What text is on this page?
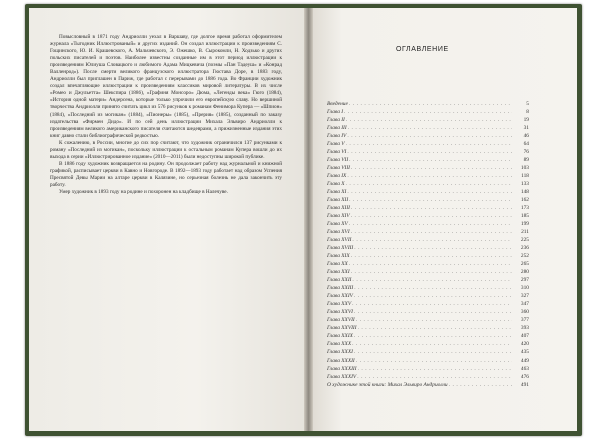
Повысловный в 1871 году Андриолли уехал в Варшаву, где долгое время работал оформителем журнала «Тыгодник Иллюстрованый» и других изданий. Он создал иллюстрации к произведениям С. Гощинского, Ю. И. Крашевского, А. Мальчевского, Э. Ожешко, В. Сырокомли, Н. Ходзько и других польских писателей и поэтов. Наиболее известны созданные им в этот период иллюстрации к произведениям Юлиуша Словацкого и любимого Адама Мицкевича (поэмы «Пан Тадеуш» и «Конрад Валленрод»). После смерти великого французского иллюстратора Гюстава Доре, в 1883 году, Андриолли был приглашен в Париж, где работал с перерывами до 1886 года. Во Франции художник создал впечатляющие иллюстрации к произведениям классиков мировой литературы. В их числе «Ромео и Джульетта» Шекспира (1886), «Графиня Монсоро» Дюма, «Легенды века» Гюго (1884), «История одной матери» Андерсена, которые только упрочили его европейскую славу. Но вершиной творчества Андриолли принято считать цикл из 576 рисунков к романам Фенимора Купера — «Шпион» (1884), «Последний из могикан» (1884), «Пионеры» (1885), «Прерия» (1885), созданный по заказу издательства «Фирмен Дидо». И по сей день иллюстрации Михала Эльвиро Андриолли к произведениям великого американского писателя считаются шедеврами, а прижизненные издания этих книг давно стали библиографической редкостью.

К сожалению, в России, многие до сих пор считают, что художник ограничился 137 рисунками к роману «Последний из могикан», поскольку иллюстрации к остальным романам Купера вошли до их выхода в серии «Иллюстрированное издание» (2010—2011) были недоступны широкой публике.

В 1886 году художник возвращается на родину. Он продолжает работу над журнальной и книжной графикой, расписывает церкви в Кавно и Новгороде. В 1892—1893 году работает над образом Успения Пресвятой Девы Марии на алтаре церкви в Калязине, но серьезная болезнь не дала закончить эту работу.

Умер художник в 1893 году на родине и похоронен на кладбище в Налечуве.

ОГЛАВЛЕНИЕ
Введение . . .	5
Глава I . . .	8
Глава II . . .	19
Глава III . . .	31
Глава IV . . .	46
Глава V . . .	64
Глава VI . . .	76
Глава VII . . .	89
Глава VIII . . .	103
Глава IX . . .	118
Глава X . . .	133
Глава XI . . .	148
Глава XII . . .	162
Глава XIII . . .	173
Глава XIV . . .	185
Глава XV . . .	199
Глава XVI . . .	211
Глава XVII . . .	225
Глава XVIII . . .	236
Глава XIX . . .	252
Глава XX . . .	265
Глава XXI . . .	280
Глава XXII . . .	297
Глава XXIII . . .	310
Глава XXIV . . .	327
Глава XXV . . .	347
Глава XXVI . . .	360
Глава XXVII . . .	377
Глава XXVIII . . .	393
Глава XXIX . . .	407
Глава XXX . . .	420
Глава XXXI . . .	435
Глава XXXII . . .	449
Глава XXXIII . . .	463
Глава XXXIV . . .	476
О художнике этой книги: Михал Эльвиро Андриолли . . .	491
